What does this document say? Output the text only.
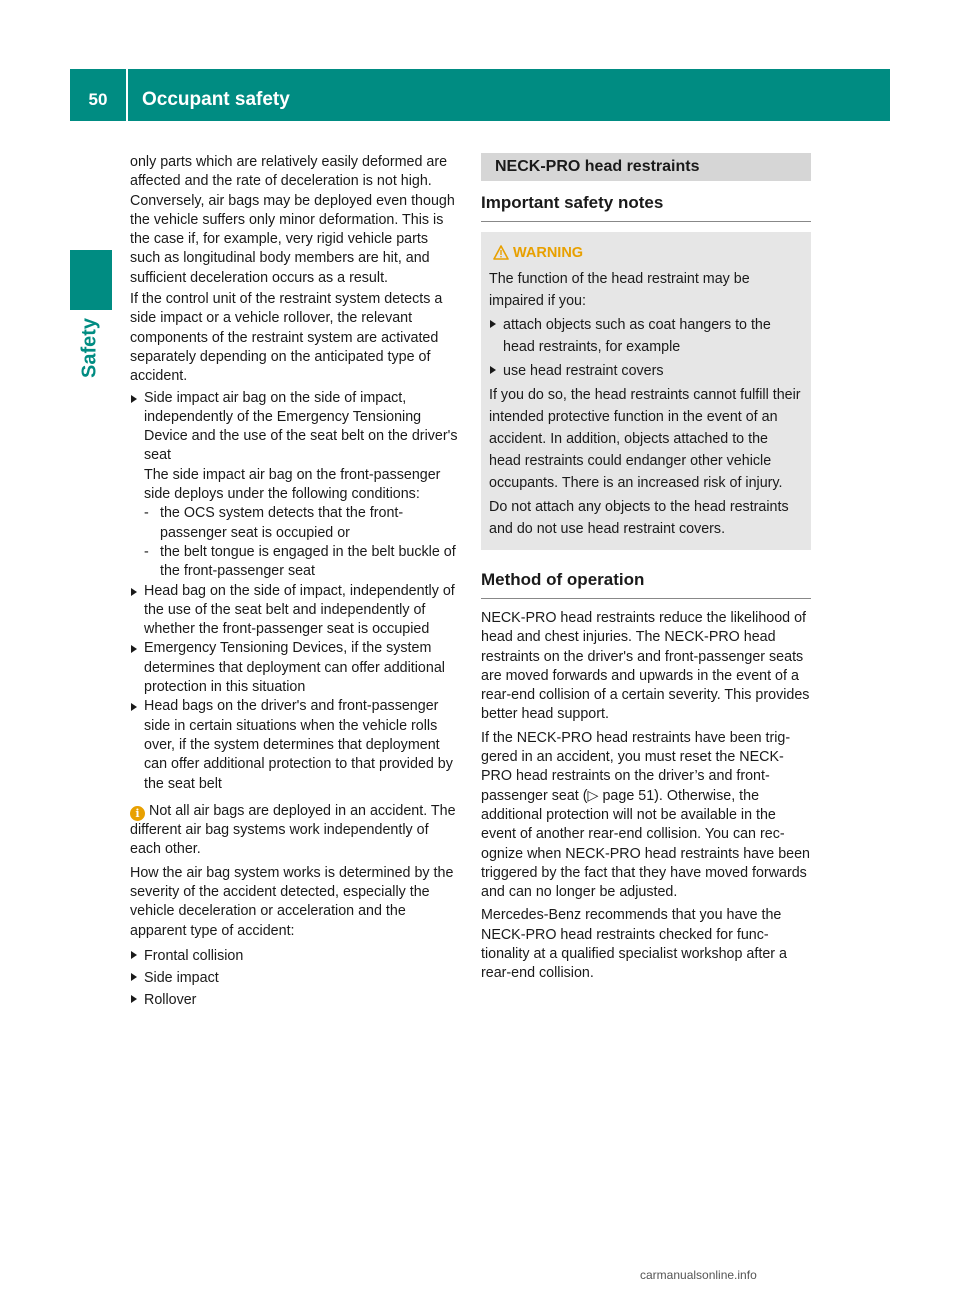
50	Occupant safety
Safety

only parts which are relatively easily deformed are affected and the rate of deceleration is not high. Conversely, air bags may be deployed even though the vehicle suffers only minor deformation. This is the case if, for example, very rigid vehicle parts such as longitudinal body members are hit, and sufficient deceleration occurs as a result.

If the control unit of the restraint system detects a side impact or a vehicle rollover, the relevant components of the restraint system are activated separately depending on the anticipated type of accident.

Side impact air bag on the side of impact, independently of the Emergency Tensioning Device and the use of the seat belt on the driver's seat
The side impact air bag on the front-passenger side deploys under the following conditions:
- the OCS system detects that the front-passenger seat is occupied or
- the belt tongue is engaged in the belt buckle of the front-passenger seat
Head bag on the side of impact, independently of the use of the seat belt and independently of whether the front-passenger seat is occupied
Emergency Tensioning Devices, if the system determines that deployment can offer additional protection in this situation
Head bags on the driver's and front-passenger side in certain situations when the vehicle rolls over, if the system determines that deployment can offer additional protection to that provided by the seat belt
i Not all air bags are deployed in an accident. The different air bag systems work independently of each other.

How the air bag system works is determined by the severity of the accident detected, especially the vehicle deceleration or acceleration and the apparent type of accident:

Frontal collision
Side impact
Rollover
NECK-PRO head restraints
Important safety notes
WARNING

The function of the head restraint may be impaired if you:

attach objects such as coat hangers to the head restraints, for example
use head restraint covers

If you do so, the head restraints cannot fulfill their intended protective function in the event of an accident. In addition, objects attached to the head restraints could endanger other vehicle occupants. There is an increased risk of injury.

Do not attach any objects to the head restraints and do not use head restraint covers.

Method of operation

NECK-PRO head restraints reduce the likelihood of head and chest injuries. The NECK-PRO head restraints on the driver's and front-passenger seats are moved forwards and upwards in the event of a rear-end collision of a certain severity. This provides better head support.

If the NECK-PRO head restraints have been triggered in an accident, you must reset the NECK-PRO head restraints on the driver’s and front-passenger seat (▷ page 51). Otherwise, the additional protection will not be available in the event of another rear-end collision. You can recognize when NECK-PRO head restraints have been triggered by the fact that they have moved forwards and can no longer be adjusted.

Mercedes-Benz recommends that you have the NECK-PRO head restraints checked for functionality at a qualified specialist workshop after a rear-end collision.

carmanualsonline.info
